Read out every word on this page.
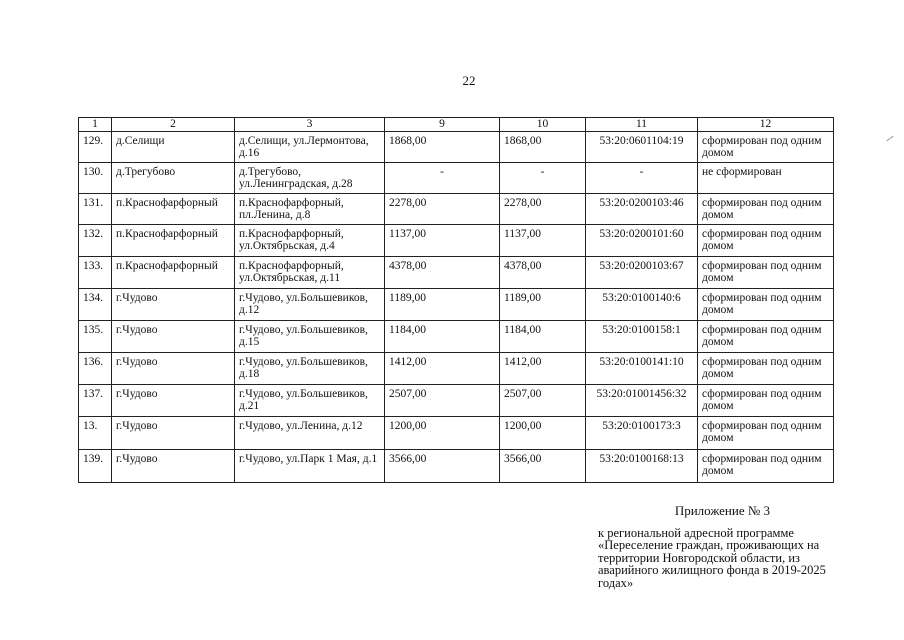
22
1	2	3	9	10	11	12
129.	д.Селищи	д.Селищи, ул.Лермонтова, д.16	1868,00	1868,00	53:20:0601104:19	сформирован под одним домом
130.	д.Трегубово	д.Трегубово, ул.Ленинградская, д.28	-	-	-	не сформирован
131.	п.Краснофарфорный	п.Краснофарфорный, пл.Ленина, д.8	2278,00	2278,00	53:20:0200103:46	сформирован под одним домом
132.	п.Краснофарфорный	п.Краснофарфорный, ул.Октябрьская, д.4	1137,00	1137,00	53:20:0200101:60	сформирован под одним домом
133.	п.Краснофарфорный	п.Краснофарфорный, ул.Октябрьская, д.11	4378,00	4378,00	53:20:0200103:67	сформирован под одним домом
134.	г.Чудово	г.Чудово, ул.Большевиков, д.12	1189,00	1189,00	53:20:0100140:6	сформирован под одним домом
135.	г.Чудово	г.Чудово, ул.Большевиков, д.15	1184,00	1184,00	53:20:0100158:1	сформирован под одним домом
136.	г.Чудово	г.Чудово, ул.Большевиков, д.18	1412,00	1412,00	53:20:0100141:10	сформирован под одним домом
137.	г.Чудово	г.Чудово, ул.Большевиков, д.21	2507,00	2507,00	53:20:01001456:32	сформирован под одним домом
13.	г.Чудово	г.Чудово, ул.Ленина, д.12	1200,00	1200,00	53:20:0100173:3	сформирован под одним домом
139.	г.Чудово	г.Чудово, ул.Парк 1 Мая, д.1	3566,00	3566,00	53:20:0100168:13	сформирован под одним домом
Приложение № 3
к региональной адресной программе «Переселение граждан, проживающих на территории Новгородской области, из аварийного жилищного фонда в 2019-2025 годах»
